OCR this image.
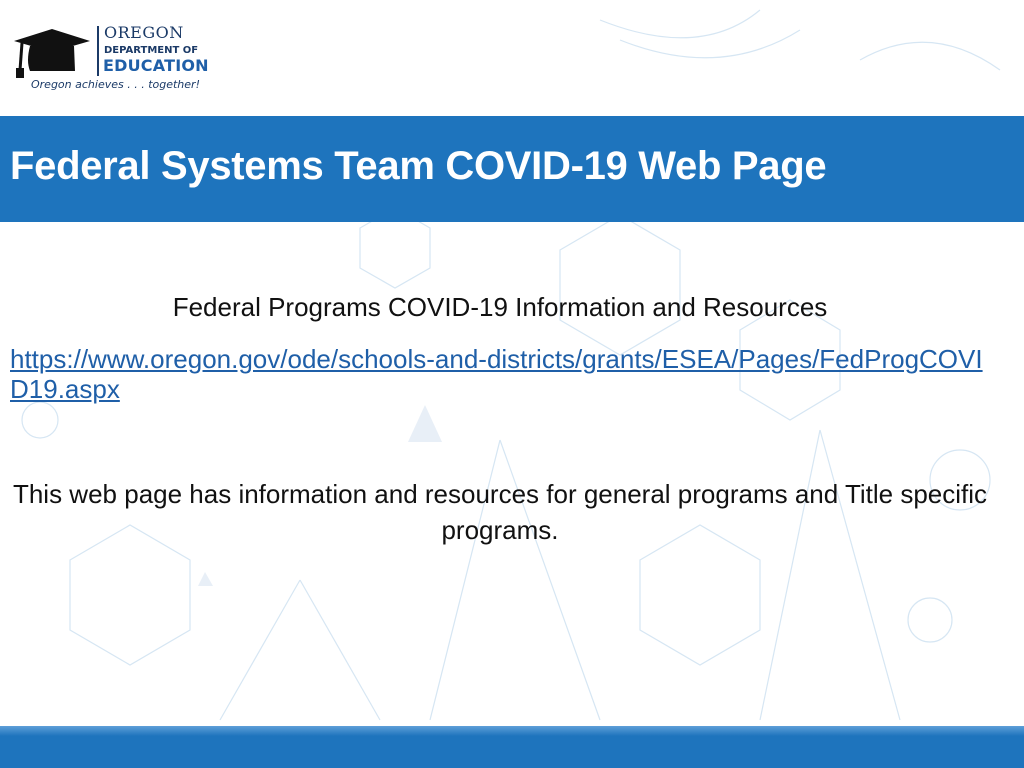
OREGON
DEPARTMENT OF
EDUCATION
Oregon achieves . . . together!
Federal Systems Team COVID-19 Web Page
Federal Programs COVID-19 Information and Resources
https://www.oregon.gov/ode/schools-and-districts/grants/ESEA/Pages/FedProgCOVID19.aspx
This web page has information and resources for general programs and Title specific programs.
